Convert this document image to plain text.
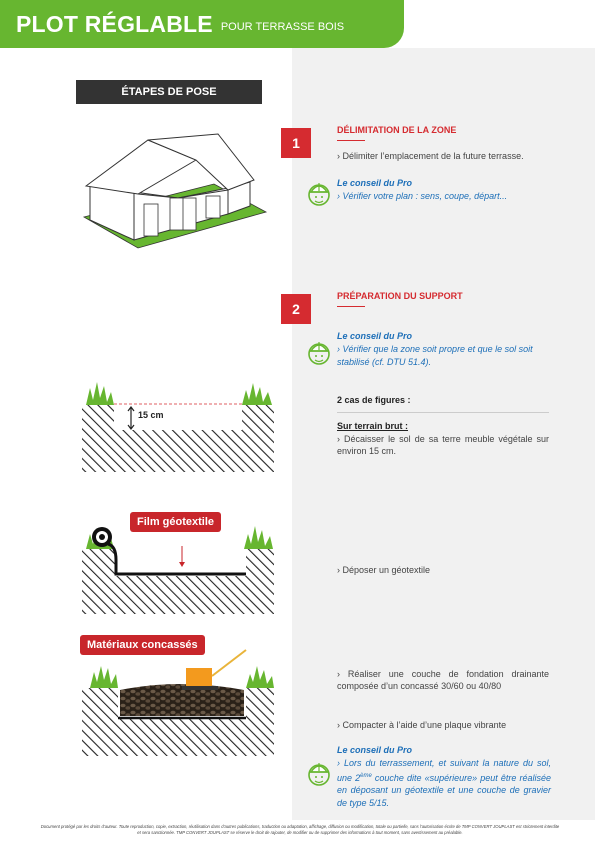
PLOT RÉGLABLE POUR TERRASSE BOIS
ÉTAPES DE POSE
1
DÉLIMITATION DE LA ZONE
› Délimiter l’emplacement de la future terrasse.
Le conseil du Pro
› Vérifier votre plan : sens, coupe, départ...
2
PRÉPARATION DU SUPPORT
Le conseil du Pro
› Vérifier que la zone soit propre et que le sol soit stabilisé (cf. DTU 51.4).
2 cas de figures :
Sur terrain brut :
› Décaisser le sol de sa terre meuble végétale sur environ 15 cm.
› Déposer un géotextile
› Réaliser une couche de fondation drainante composée d’un concassé 30/60 ou 40/80
› Compacter à l’aide d’une plaque vibrante
Le conseil du Pro
› Lors du terrassement, et suivant la nature du sol, une 2ème couche dite «supérieure» peut être réalisée en déposant un géotextile et une couche de gravier de type 5/15.
15 cm
Film géotextile
Matériaux concassés
Document protégé par les droits d’auteur. Toute reproduction, copie, extraction, réutilisation dans d’autres publications, traduction ou adaptation, affichage, diffusion ou modification, totale ou partielle, sans l’autorisation écrite de TMP CONVERT JOUPLAST est strictement interdite et sera sanctionnée. TMP CONVERT JOUPLAST se réserve le droit de rajouter, de modifier ou de supprimer des informations à tout moment, sans avertissement au préalable.
